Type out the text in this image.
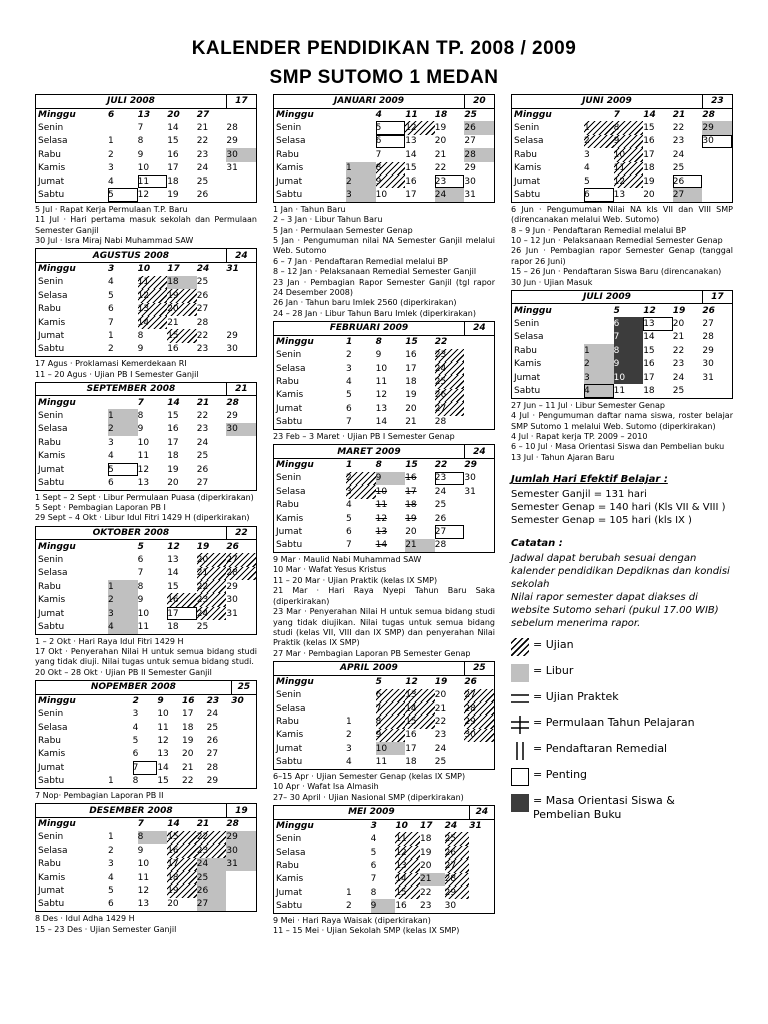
KALENDER PENDIDIKAN TP. 2008 / 2009
SMP SUTOMO 1 MEDAN
JULI 2008					17
Minggu	6	13	20	27	
Senin		7	14	21	28
Selasa	1	8	15	22	29
Rabu	2	9	16	23	30
Kamis	3	10	17	24	31
Jumat	4	11	18	25	
Sabtu	5	12	19	26	

5 Jul · Rapat Kerja Permulaan T.P. Baru

11 Jul · Hari pertama masuk sekolah dan Permulaan Semester Ganjil

30 Jul · Isra Miraj Nabi Muhammad SAW

AGUSTUS 2008					24
Minggu	3	10	17	24	31
Senin	4	11	18	25	
Selasa	5	12	19	26	
Rabu	6	13	20	27	
Kamis	7	14	21	28	
Jumat	1	8	15	22	29
Sabtu	2	9	16	23	30

17 Agus · Proklamasi Kemerdekaan RI

11 – 20 Agus · Ujian PB I Semester Ganjil

SEPTEMBER 2008					21
Minggu		7	14	21	28
Senin	1	8	15	22	29
Selasa	2	9	16	23	30
Rabu	3	10	17	24	
Kamis	4	11	18	25	
Jumat	5	12	19	26	
Sabtu	6	13	20	27	

1 Sept – 2 Sept · Libur Permulaan Puasa (diperkirakan)

5 Sept · Pembagian Laporan PB I

29 Sept – 4 Okt · Libur Idul Fitri 1429 H (diperkirakan)

OKTOBER 2008					22
Minggu		5	12	19	26
Senin		6	13	20	27
Selasa		7	14	21	28
Rabu	1	8	15	22	29
Kamis	2	9	16	23	30
Jumat	3	10	17	24	31
Sabtu	4	11	18	25	

1 – 2 Okt · Hari Raya Idul Fitri 1429 H

17 Okt · Penyerahan Nilai H untuk semua bidang studi yang tidak diuji. Nilai tugas untuk semua bidang studi.

20 Okt – 28 Okt · Ujian PB II Semester Ganjil

NOPEMBER 2008						25
Minggu		2	9	16	23	30
Senin		3	10	17	24	
Selasa		4	11	18	25	
Rabu		5	12	19	26	
Kamis		6	13	20	27	
Jumat		7	14	21	28	
Sabtu	1	8	15	22	29	

7 Nop· Pembagian Laporan PB II

DESEMBER 2008					19
Minggu		7	14	21	28
Senin	1	8	15	22	29
Selasa	2	9	16	23	30
Rabu	3	10	17	24	31
Kamis	4	11	18	25	
Jumat	5	12	19	26	
Sabtu	6	13	20	27	

8 Des · Idul Adha 1429 H

15 – 23 Des · Ujian Semester Ganjil

JANUARI 2009					20
Minggu		4	11	18	25
Senin		5	12	19	26
Selasa		6	13	20	27
Rabu		7	14	21	28
Kamis	1	8	15	22	29
Jumat	2	9	16	23	30
Sabtu	3	10	17	24	31

1 Jan · Tahun Baru

2 – 3 Jan · Libur Tahun Baru

5 Jan · Permulaan Semester Genap

5 Jan · Pengumuman nilai NA Semester Ganjil melalui Web. Sutomo

6 – 7 Jan · Pendaftaran Remedial melalui BP

8 – 12 Jan · Pelaksanaan Remedial Semester Ganjil

23 Jan · Pembagian Rapor Semester Ganjil (tgl rapor 24 Desember 2008)

26 Jan · Tahun baru Imlek 2560 (diperkirakan)

24 – 28 Jan · Libur Tahun Baru Imlek (diperkirakan)

FEBRUARI 2009					24
Minggu	1	8	15	22	
Senin	2	9	16	23	
Selasa	3	10	17	24	
Rabu	4	11	18	25	
Kamis	5	12	19	26	
Jumat	6	13	20	27	
Sabtu	7	14	21	28	

23 Feb – 3 Maret · Ujian PB I Semester Genap

MARET 2009					24
Minggu	1	8	15	22	29
Senin	2	9	16	23	30
Selasa	3	10	17	24	31
Rabu	4	11	18	25	
Kamis	5	12	19	26	
Jumat	6	13	20	27	
Sabtu	7	14	21	28	

9 Mar · Maulid Nabi Muhammad SAW

10 Mar · Wafat Yesus Kristus

11 – 20 Mar · Ujian Praktik (kelas IX SMP)

21 Mar · Hari Raya Nyepi Tahun Baru Saka (diperkirakan)

23 Mar · Penyerahan Nilai H untuk semua bidang studi yang tidak diujikan. Nilai tugas untuk semua bidang studi (kelas VII, VIII dan IX SMP) dan penyerahan Nilai Praktik (kelas IX SMP)

27 Mar · Pembagian Laporan PB Semester Genap

APRIL 2009					25
Minggu		5	12	19	26
Senin		6	13	20	27
Selasa		7	14	21	28
Rabu	1	8	15	22	29
Kamis	2	9	16	23	30
Jumat	3	10	17	24	
Sabtu	4	11	18	25	

6–15 Apr · Ujian Semester Genap (kelas IX SMP)

10 Apr · Wafat Isa Almasih

27– 30 April · Ujian Nasional SMP (diperkirakan)

MEI 2009						24
Minggu		3	10	17	24	31
Senin		4	11	18	25	
Selasa		5	12	19	26	
Rabu		6	13	20	27	
Kamis		7	14	21	28	
Jumat	1	8	15	22	29	
Sabtu	2	9	16	23	30	

9 Mei · Hari Raya Waisak (diperkirakan)

11 – 15 Mei · Ujian Sekolah SMP (kelas IX SMP)

JUNI 2009					23
Minggu		7	14	21	28
Senin	1	8	15	22	29
Selasa	2	9	16	23	30
Rabu	3	10	17	24	
Kamis	4	11	18	25	
Jumat	5	12	19	26	
Sabtu	6	13	20	27	

6 Jun · Pengumuman Nilai NA kls VII dan VIII SMP (direncanakan melalui Web. Sutomo)

8 – 9 Jun · Pendaftaran Remedial melalui BP

10 – 12 Jun · Pelaksanaan Remedial Semester Genap

26 Jun · Pembagian rapor Semester Genap (tanggal rapor 26 Juni)

15 – 26 Jun · Pendaftaran Siswa Baru (direncanakan)

30 Jun · Ujian Masuk

JULI 2009					17
Minggu		5	12	19	26
Senin		6	13	20	27
Selasa		7	14	21	28
Rabu	1	8	15	22	29
Kamis	2	9	16	23	30
Jumat	3	10	17	24	31
Sabtu	4	11	18	25	

27 Jun – 11 Jul · Libur Semester Genap

4 Jul · Pengumuman daftar nama siswa, roster belajar SMP Sutomo 1 melalui Web. Sutomo (diperkirakan)

4 Jul · Rapat kerja TP. 2009 – 2010

6 – 10 Jul · Masa Orientasi Siswa dan Pembelian buku

13 Jul · Tahun Ajaran Baru

Jumlah Hari Efektif Belajar :
Semester Ganjil = 131 hari
Semester Genap = 140 hari (Kls VII & VIII )
Semester Genap = 105 hari (kls IX )
Catatan :
Jadwal dapat berubah sesuai dengan kalender pendidikan Depdiknas dan kondisi sekolah
Nilai rapor semester dapat diakses di website Sutomo sehari (pukul 17.00 WIB) sebelum menerima rapor.
= Ujian
= Libur
= Ujian Praktek
= Permulaan Tahun Pelajaran
= Pendaftaran Remedial
= Penting
= Masa Orientasi Siswa & Pembelian Buku
